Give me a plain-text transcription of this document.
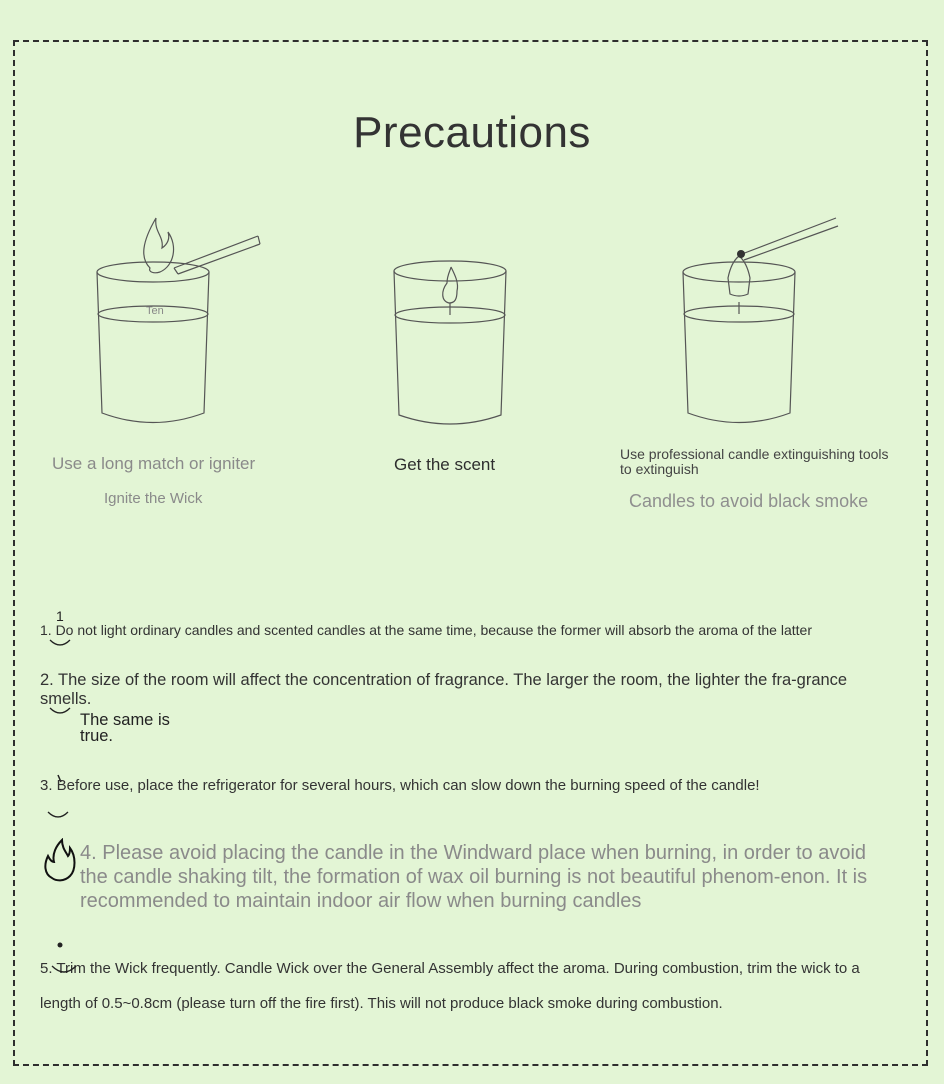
Precautions
Ten
Use a long match or igniter
Ignite the Wick
Get the scent
Use professional candle extinguishing tools to extinguish
Candles to avoid black smoke
1
1. Do not light ordinary candles and scented candles at the same time, because the former will absorb the aroma of the latter
2. The size of the room will affect the concentration of fragrance. The larger the room, the lighter the fra-grance smells.
The same is true.
3. Before use, place the refrigerator for several hours, which can slow down the burning speed of the candle!
4. Please avoid placing the candle in the Windward place when burning, in order to avoid the candle shaking tilt, the formation of wax oil burning is not beautiful phenom-enon. It is recommended to maintain indoor air flow when burning candles
5. Trim the Wick frequently. Candle Wick over the General Assembly affect the aroma. During combustion, trim the wick to a length of 0.5~0.8cm (please turn off the fire first). This will not produce black smoke during combustion.
